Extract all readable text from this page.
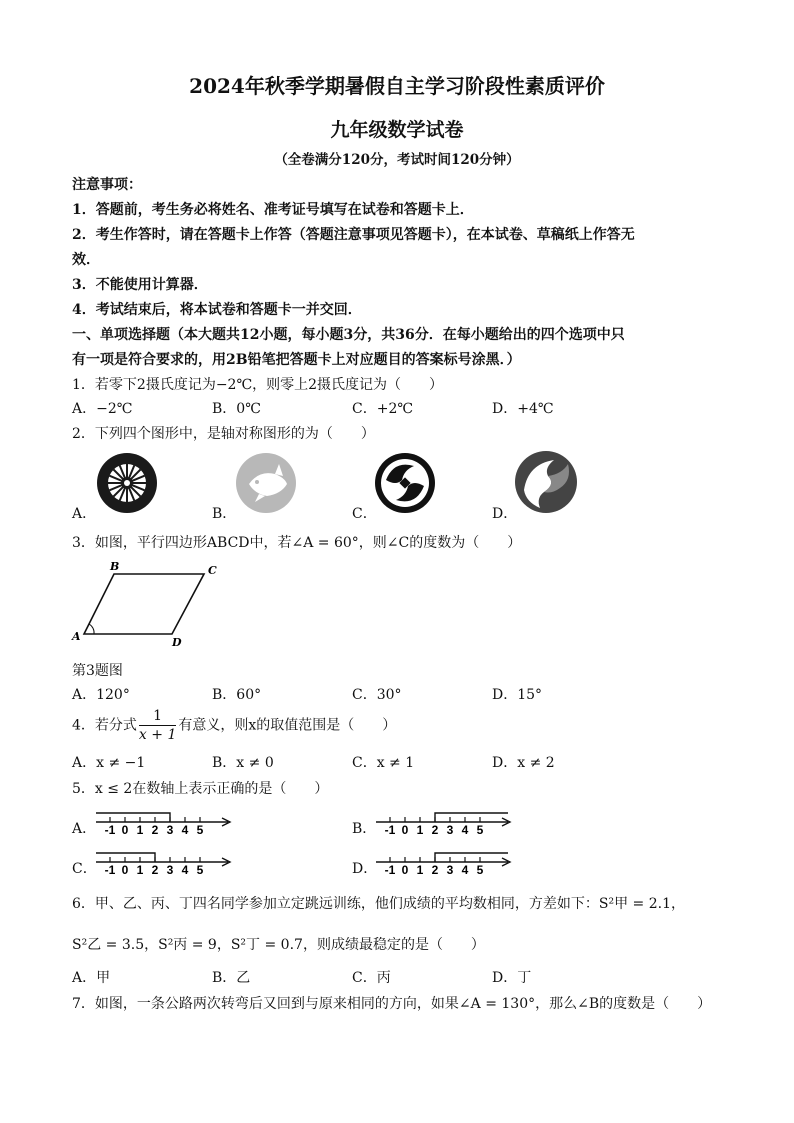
2024年秋季学期暑假自主学习阶段性素质评价
九年级数学试卷
（全卷满分120分，考试时间120分钟）
注意事项：
1．答题前，考生务必将姓名、准考证号填写在试卷和答题卡上．
2．考生作答时，请在答题卡上作答（答题注意事项见答题卡），在本试卷、草稿纸上作答无
效．
3．不能使用计算器．
4．考试结束后，将本试卷和答题卡一并交回．
一、单项选择题（本大题共12小题，每小题3分，共36分．在每小题给出的四个选项中只
有一项是符合要求的，用2B铅笔把答题卡上对应题目的答案标号涂黑．）
1．若零下2摄氏度记为−2℃，则零上2摄氏度记为（　　）
A．−2℃	B．0℃	C．+2℃	D．+4℃
2．下列四个图形中，是轴对称图形的为（　　）
A．	B．	C．	D．
3．如图，平行四边形ABCD中，若∠A = 60°，则∠C的度数为（　　）
A
B	C
D
第3题图
A．120°	B．60°	C．30°	D．15°
4．若分式 $\frac{1}{x + 1}$ 有意义，则x的取值范围是（　　）
A．x ≠ −1	B．x ≠ 0	C．x ≠ 1	D．x ≠ 2
5．x ≤ 2在数轴上表示正确的是（　　）
A． -1 0 1 2 3 4 5	B． -1 0 1 2 3 4 5
C． -1 0 1 2 3 4 5	D． -1 0 1 2 3 4 5
6．甲、乙、丙、丁四名同学参加立定跳远训练，他们成绩的平均数相同，方差如下：S²甲 = 2.1，
S²乙 = 3.5，S²丙 = 9，S²丁 = 0.7，则成绩最稳定的是（　　）
A．甲	B．乙	C．丙	D．丁
7．如图，一条公路两次转弯后又回到与原来相同的方向，如果∠A = 130°，那么∠B的度数是（　　）
